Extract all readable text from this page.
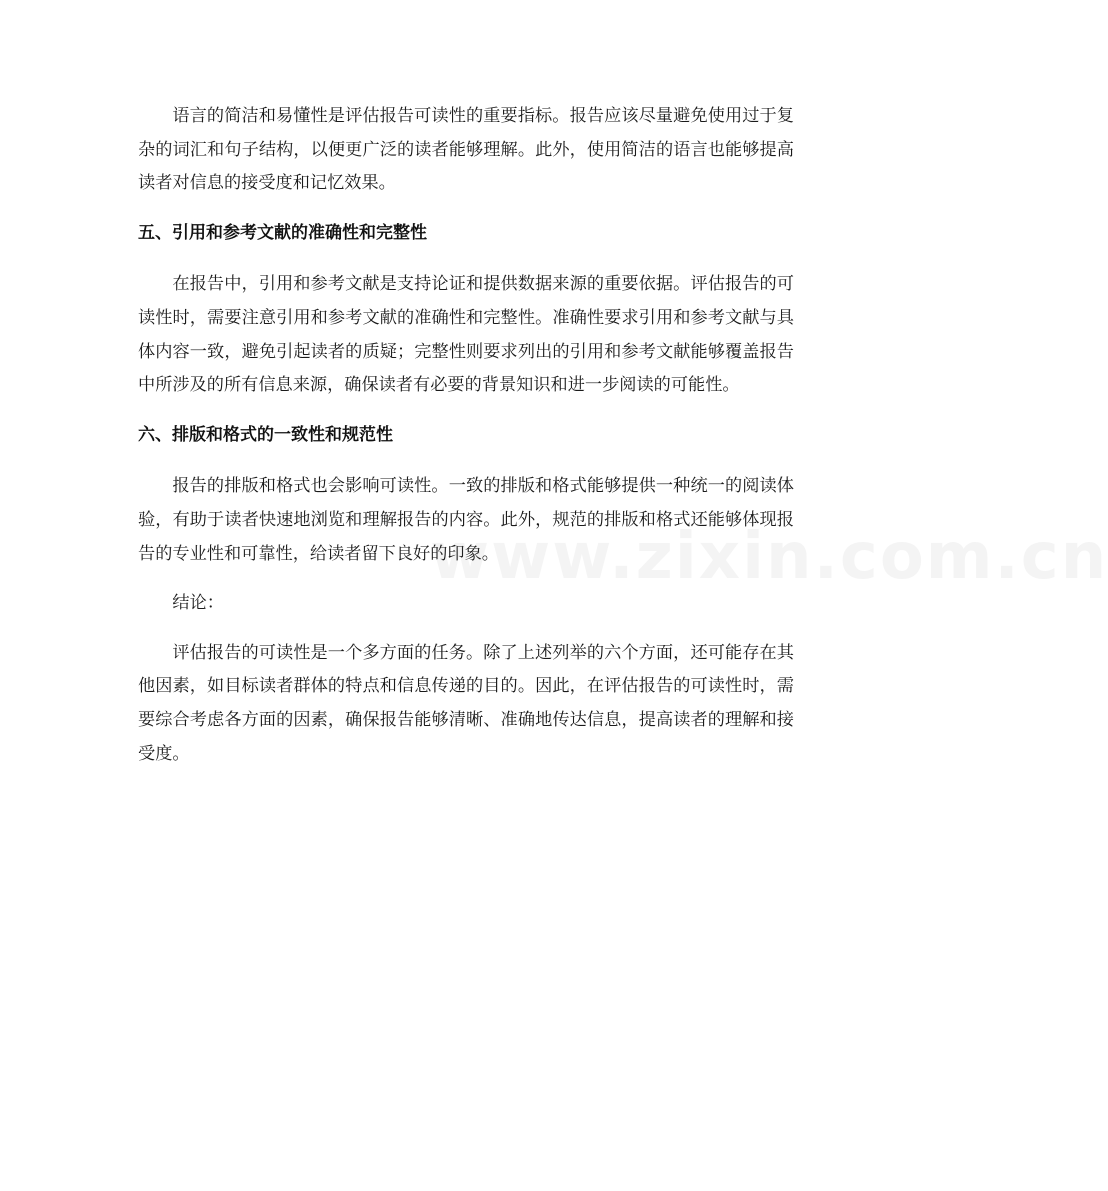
语言的简洁和易懂性是评估报告可读性的重要指标。报告应该尽量避免使用过于复杂的词汇和句子结构，以便更广泛的读者能够理解。此外，使用简洁的语言也能够提高读者对信息的接受度和记忆效果。

五、引用和参考文献的准确性和完整性

在报告中，引用和参考文献是支持论证和提供数据来源的重要依据。评估报告的可读性时，需要注意引用和参考文献的准确性和完整性。准确性要求引用和参考文献与具体内容一致，避免引起读者的质疑；完整性则要求列出的引用和参考文献能够覆盖报告中所涉及的所有信息来源，确保读者有必要的背景知识和进一步阅读的可能性。

六、排版和格式的一致性和规范性

报告的排版和格式也会影响可读性。一致的排版和格式能够提供一种统一的阅读体验，有助于读者快速地浏览和理解报告的内容。此外，规范的排版和格式还能够体现报告的专业性和可靠性，给读者留下良好的印象。

结论：

评估报告的可读性是一个多方面的任务。除了上述列举的六个方面，还可能存在其他因素，如目标读者群体的特点和信息传递的目的。因此，在评估报告的可读性时，需要综合考虑各方面的因素，确保报告能够清晰、准确地传达信息，提高读者的理解和接受度。

www.zixin.com.cn
